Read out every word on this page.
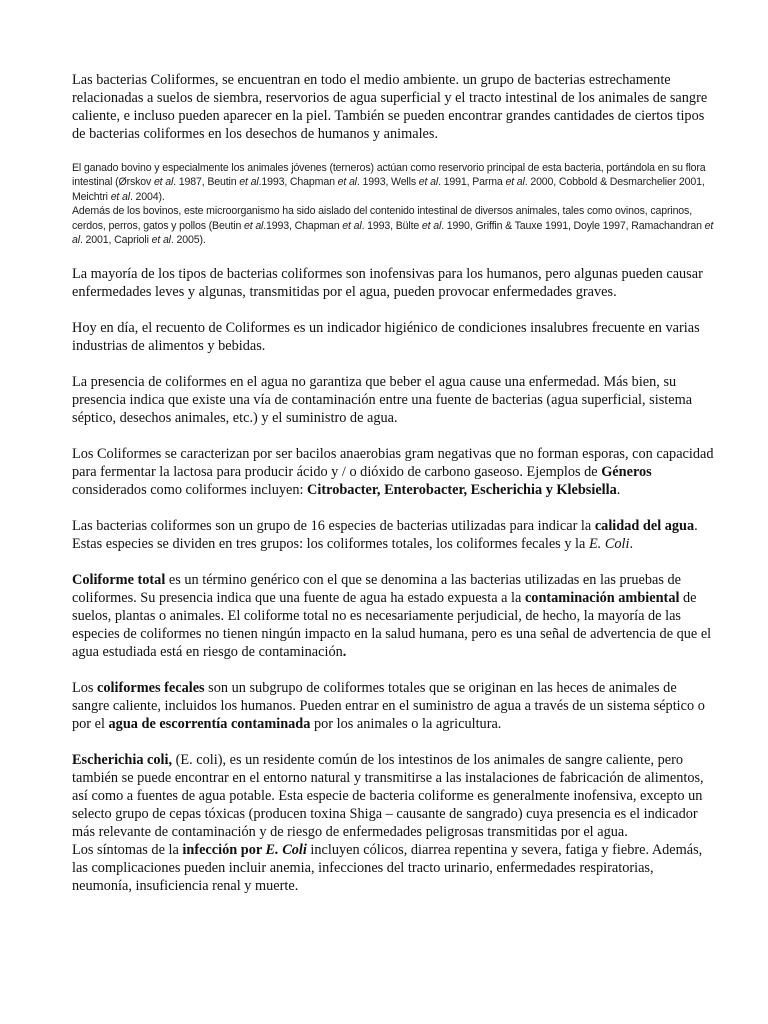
Las bacterias Coliformes, se encuentran en todo el medio ambiente. un grupo de bacterias estrechamente relacionadas a suelos de siembra, reservorios de agua superficial y el tracto intestinal de los animales de sangre caliente, e incluso pueden aparecer en la piel. También se pueden encontrar grandes cantidades de ciertos tipos de bacterias coliformes en los desechos de humanos y animales.

El ganado bovino y especialmente los animales jóvenes (terneros) actúan como reservorio principal de esta bacteria, portándola en su flora intestinal (Ørskov et al. 1987, Beutin et al.1993, Chapman et al. 1993, Wells et al. 1991, Parma et al. 2000, Cobbold & Desmarchelier 2001, Meichtri et al. 2004).
Además de los bovinos, este microorganismo ha sido aislado del contenido intestinal de diversos animales, tales como ovinos, caprinos, cerdos, perros, gatos y pollos (Beutin et al.1993, Chapman et al. 1993, Bülte et al. 1990, Griffin & Tauxe 1991, Doyle 1997, Ramachandran et al. 2001, Caprioli et al. 2005).

La mayoría de los tipos de bacterias coliformes son inofensivas para los humanos, pero algunas pueden causar enfermedades leves y algunas, transmitidas por el agua, pueden provocar enfermedades graves.

Hoy en día, el recuento de Coliformes es un indicador higiénico de condiciones insalubres frecuente en varias industrias de alimentos y bebidas.

La presencia de coliformes en el agua no garantiza que beber el agua cause una enfermedad. Más bien, su presencia indica que existe una vía de contaminación entre una fuente de bacterias (agua superficial, sistema séptico, desechos animales, etc.) y el suministro de agua.

Los Coliformes se caracterizan por ser bacilos anaerobias gram negativas que no forman esporas, con capacidad para fermentar la lactosa para producir ácido y / o dióxido de carbono gaseoso. Ejemplos de Géneros considerados como coliformes incluyen: Citrobacter, Enterobacter, Escherichia y Klebsiella.

Las bacterias coliformes son un grupo de 16 especies de bacterias utilizadas para indicar la calidad del agua. Estas especies se dividen en tres grupos: los coliformes totales, los coliformes fecales y la E. Coli.

Coliforme total es un término genérico con el que se denomina a las bacterias utilizadas en las pruebas de coliformes. Su presencia indica que una fuente de agua ha estado expuesta a la contaminación ambiental de suelos, plantas o animales. El coliforme total no es necesariamente perjudicial, de hecho, la mayoría de las especies de coliformes no tienen ningún impacto en la salud humana, pero es una señal de advertencia de que el agua estudiada está en riesgo de contaminación.

Los coliformes fecales son un subgrupo de coliformes totales que se originan en las heces de animales de sangre caliente, incluidos los humanos. Pueden entrar en el suministro de agua a través de un sistema séptico o por el agua de escorrentía contaminada por los animales o la agricultura.

Escherichia coli, (E. coli), es un residente común de los intestinos de los animales de sangre caliente, pero también se puede encontrar en el entorno natural y transmitirse a las instalaciones de fabricación de alimentos, así como a fuentes de agua potable. Esta especie de bacteria coliforme es generalmente inofensiva, excepto un selecto grupo de cepas tóxicas (producen toxina Shiga – causante de sangrado) cuya presencia es el indicador más relevante de contaminación y de riesgo de enfermedades peligrosas transmitidas por el agua.

Los síntomas de la infección por E. Coli incluyen cólicos, diarrea repentina y severa, fatiga y fiebre. Además, las complicaciones pueden incluir anemia, infecciones del tracto urinario, enfermedades respiratorias, neumonía, insuficiencia renal y muerte.
